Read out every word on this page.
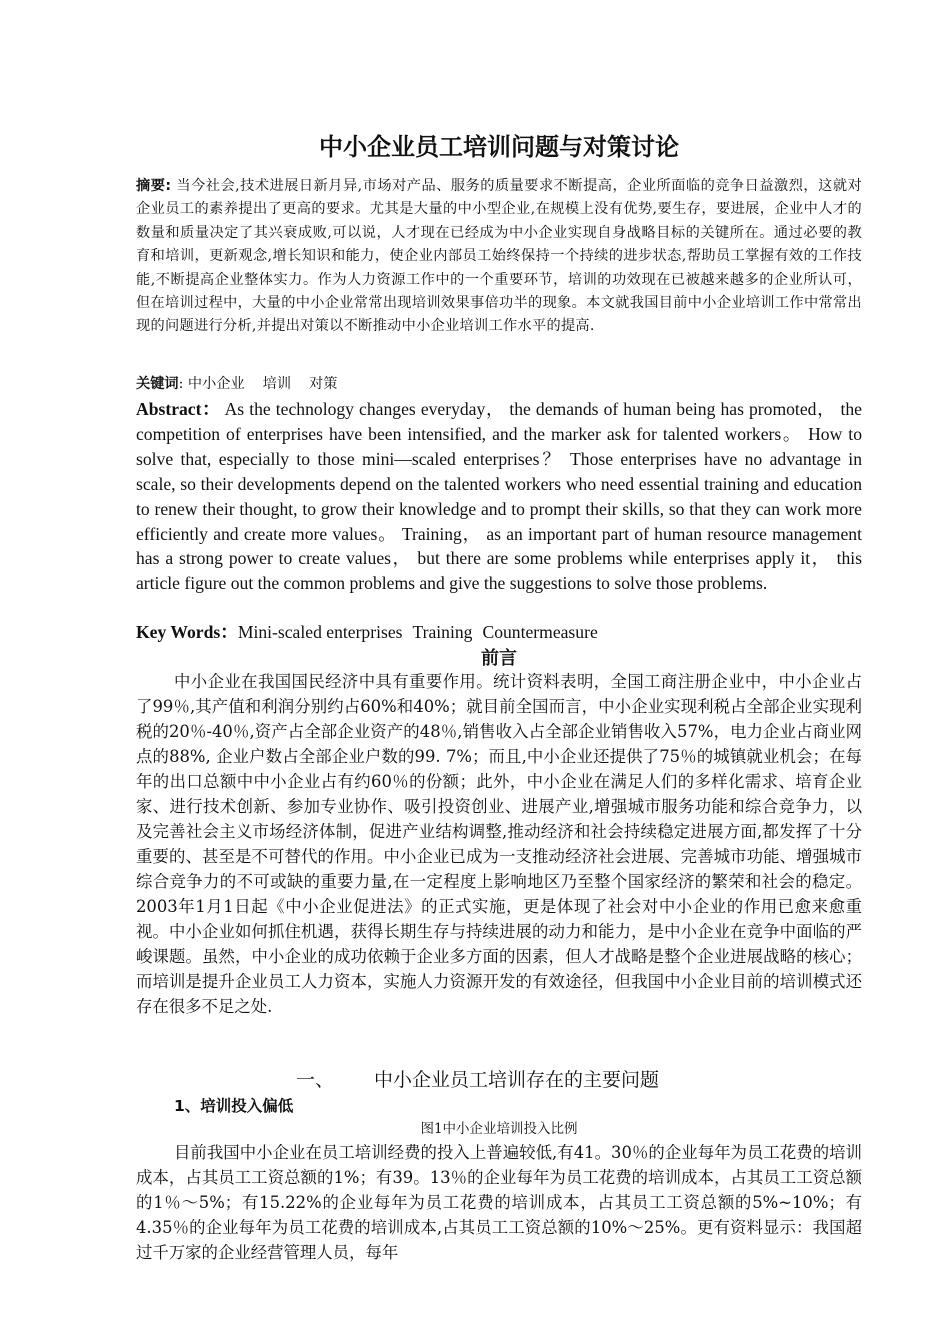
中小企业员工培训问题与对策讨论
摘要: 当今社会,技术进展日新月异,市场对产品、服务的质量要求不断提高，企业所面临的竞争日益激烈，这就对企业员工的素养提出了更高的要求。尤其是大量的中小型企业,在规模上没有优势,要生存，要进展，企业中人才的数量和质量决定了其兴衰成败,可以说，人才现在已经成为中小企业实现自身战略目标的关键所在。通过必要的教育和培训，更新观念,增长知识和能力，使企业内部员工始终保持一个持续的进步状态,帮助员工掌握有效的工作技能,不断提高企业整体实力。作为人力资源工作中的一个重要环节，培训的功效现在已被越来越多的企业所认可，但在培训过程中，大量的中小企业常常出现培训效果事倍功半的现象。本文就我国目前中小企业培训工作中常常出现的问题进行分析,并提出对策以不断推动中小企业培训工作水平的提高.
关键词: 中小企业 培训 对策
Abstract： As the technology changes everyday， the demands of human being has promoted， the competition of enterprises have been intensified, and the marker ask for talented workers。 How to solve that, especially to those mini—scaled enterprises？ Those enterprises have no advantage in scale, so their developments depend on the talented workers who need essential training and education to renew their thought, to grow their knowledge and to prompt their skills, so that they can work more efficiently and create more values。 Training， as an important part of human resource management has a strong power to create values， but there are some problems while enterprises apply it， this article figure out the common problems and give the suggestions to solve those problems.
Key Words：Mini-scaled enterprises Training Countermeasure
前言
中小企业在我国国民经济中具有重要作用。统计资料表明，全国工商注册企业中，中小企业占了99％,其产值和利润分别约占60%和40%；就目前全国而言，中小企业实现利税占全部企业实现利税的20％-40％,资产占全部企业资产的48％,销售收入占全部企业销售收入57%，电力企业占商业网点的88%, 企业户数占全部企业户数的99. 7%；而且,中小企业还提供了75％的城镇就业机会；在每年的出口总额中中小企业占有约60％的份额；此外，中小企业在满足人们的多样化需求、培育企业家、进行技术创新、参加专业协作、吸引投资创业、进展产业,增强城市服务功能和综合竞争力，以及完善社会主义市场经济体制，促进产业结构调整,推动经济和社会持续稳定进展方面,都发挥了十分重要的、甚至是不可替代的作用。中小企业已成为一支推动经济社会进展、完善城市功能、增强城市综合竞争力的不可或缺的重要力量,在一定程度上影响地区乃至整个国家经济的繁荣和社会的稳定。2003年1月1日起《中小企业促进法》的正式实施，更是体现了社会对中小企业的作用已愈来愈重视。中小企业如何抓住机遇，获得长期生存与持续进展的动力和能力，是中小企业在竞争中面临的严峻课题。虽然，中小企业的成功依赖于企业多方面的因素，但人才战略是整个企业进展战略的核心；而培训是提升企业员工人力资本，实施人力资源开发的有效途径，但我国中小企业目前的培训模式还存在很多不足之处.
一、 中小企业员工培训存在的主要问题
1、培训投入偏低
图1中小企业培训投入比例
目前我国中小企业在员工培训经费的投入上普遍较低,有41。30％的企业每年为员工花费的培训成本，占其员工工资总额的1%；有39。13％的企业每年为员工花费的培训成本，占其员工工资总额的1％～5%；有15.22%的企业每年为员工花费的培训成本，占其员工工资总额的5%~10%；有4.35％的企业每年为员工花费的培训成本,占其员工工资总额的10%～25%。更有资料显示：我国超过千万家的企业经营管理人员，每年
